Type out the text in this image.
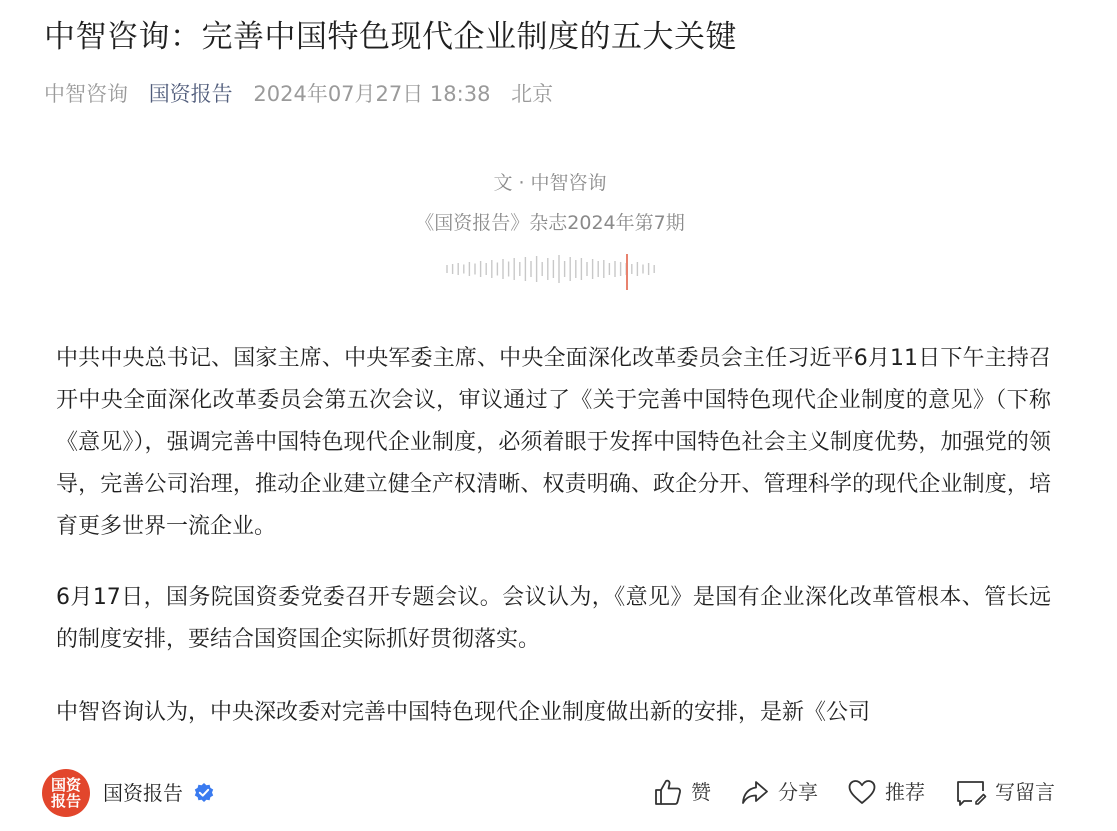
中智咨询：完善中国特色现代企业制度的五大关键
中智咨询 国资报告 2024年07月27日 18:38 北京
文 · 中智咨询
《国资报告》杂志2024年第7期

中共中央总书记、国家主席、中央军委主席、中央全面深化改革委员会主任习近平6月11日下午主持召开中央全面深化改革委员会第五次会议，审议通过了《关于完善中国特色现代企业制度的意见》（下称《意见》），强调完善中国特色现代企业制度，必须着眼于发挥中国特色社会主义制度优势，加强党的领导，完善公司治理，推动企业建立健全产权清晰、权责明确、政企分开、管理科学的现代企业制度，培育更多世界一流企业。

6月17日，国务院国资委党委召开专题会议。会议认为，《意见》是国有企业深化改革管根本、管长远的制度安排，要结合国资国企实际抓好贯彻落实。

中智咨询认为，中央深改委对完善中国特色现代企业制度做出新的安排，是新《公司

国资
报告	国资报告	赞	分享	推荐	写留言
